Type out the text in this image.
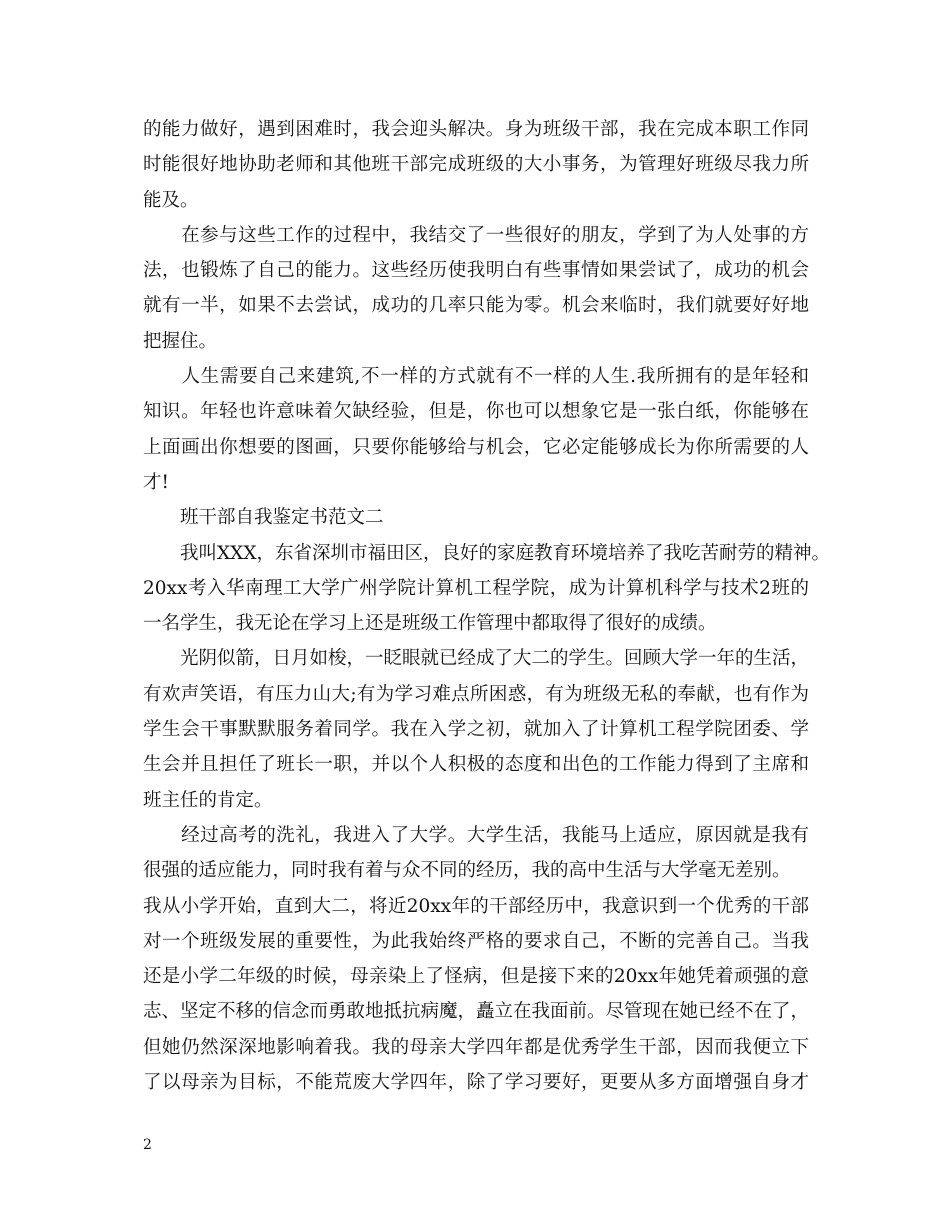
的能力做好，遇到困难时，我会迎头解决。身为班级干部，我在完成本职工作同
时能很好地协助老师和其他班干部完成班级的大小事务，为管理好班级尽我力所
能及。
　　在参与这些工作的过程中，我结交了一些很好的朋友，学到了为人处事的方
法，也锻炼了自己的能力。这些经历使我明白有些事情如果尝试了，成功的机会
就有一半，如果不去尝试，成功的几率只能为零。机会来临时，我们就要好好地
把握住。
　　人生需要自己来建筑,不一样的方式就有不一样的人生.我所拥有的是年轻和
知识。年轻也许意味着欠缺经验，但是，你也可以想象它是一张白纸，你能够在
上面画出你想要的图画，只要你能够给与机会，它必定能够成长为你所需要的人
才!
　　班干部自我鉴定书范文二
　　我叫XXX，东省深圳市福田区，良好的家庭教育环境培养了我吃苦耐劳的精神。
20xx考入华南理工大学广州学院计算机工程学院，成为计算机科学与技术2班的
一名学生，我无论在学习上还是班级工作管理中都取得了很好的成绩。
　　光阴似箭，日月如梭，一眨眼就已经成了大二的学生。回顾大学一年的生活，
有欢声笑语，有压力山大;有为学习难点所困惑，有为班级无私的奉献，也有作为
学生会干事默默服务着同学。我在入学之初，就加入了计算机工程学院团委、学
生会并且担任了班长一职，并以个人积极的态度和出色的工作能力得到了主席和
班主任的肯定。
　　经过高考的洗礼，我进入了大学。大学生活，我能马上适应，原因就是我有
很强的适应能力，同时我有着与众不同的经历，我的高中生活与大学毫无差别。
我从小学开始，直到大二，将近20xx年的干部经历中，我意识到一个优秀的干部
对一个班级发展的重要性，为此我始终严格的要求自己，不断的完善自己。当我
还是小学二年级的时候，母亲染上了怪病，但是接下来的20xx年她凭着顽强的意
志、坚定不移的信念而勇敢地抵抗病魔，矗立在我面前。尽管现在她已经不在了，
但她仍然深深地影响着我。我的母亲大学四年都是优秀学生干部，因而我便立下
了以母亲为目标，不能荒废大学四年，除了学习要好，更要从多方面增强自身才
2
